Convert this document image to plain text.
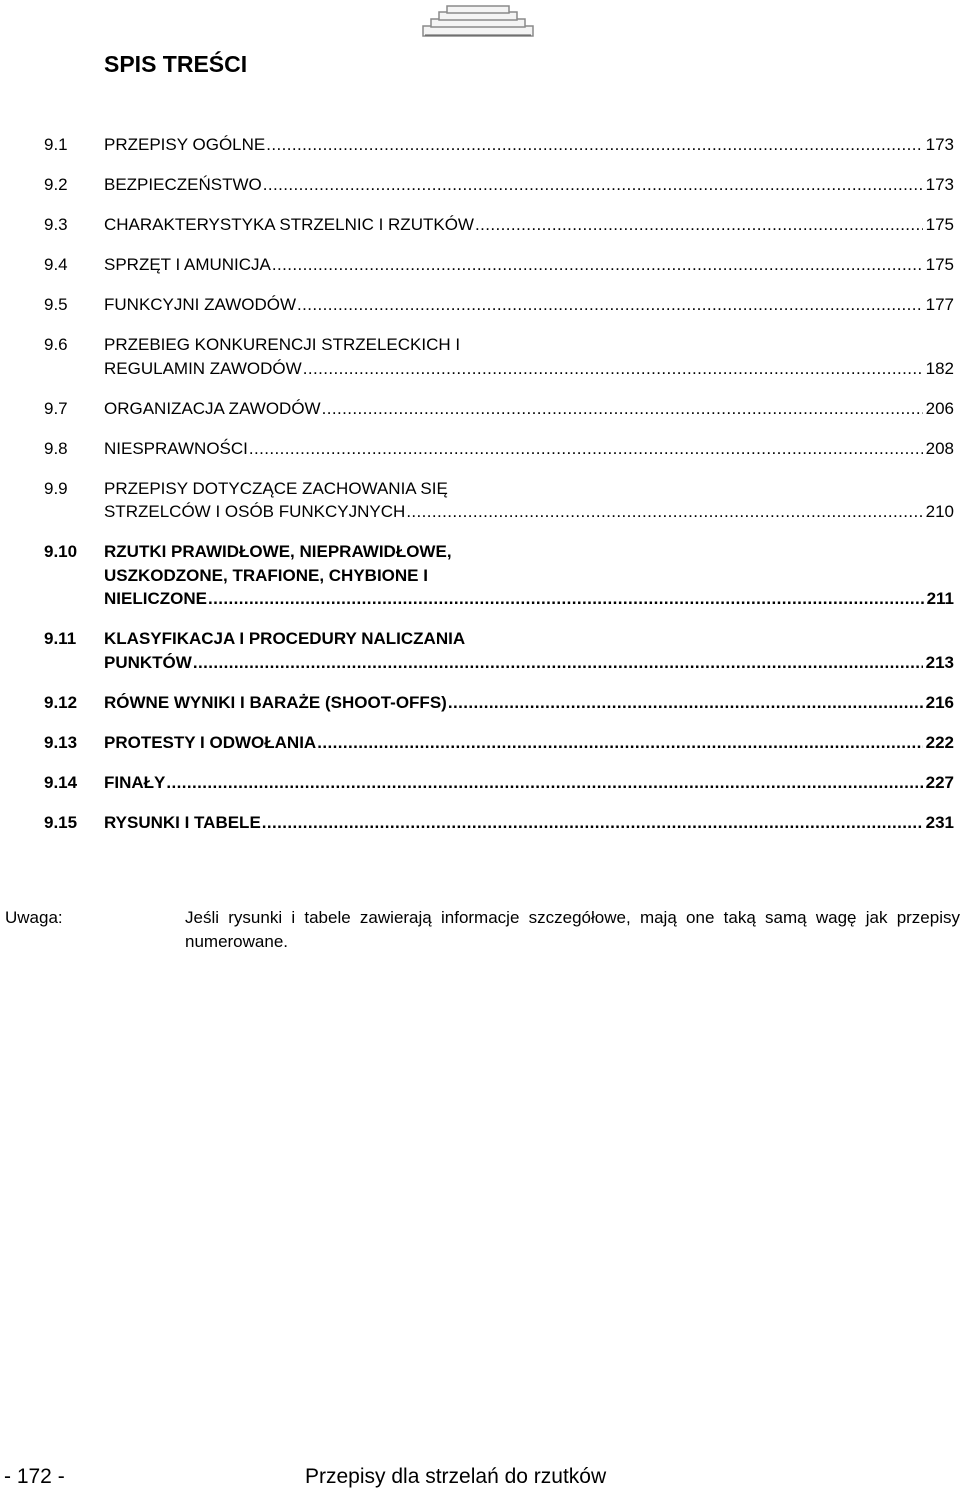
SPIS TREŚCI
9.1 PRZEPISY OGÓLNE .....	173
9.2 BEZPIECZEŃSTWO .....	173
9.3 CHARAKTERYSTYKA STRZELNIC I RZUTKÓW .....	175
9.4 SPRZĘT I AMUNICJA .....	175
9.5 FUNKCYJNI ZAWODÓW .....	177
9.6 PRZEBIEG KONKURENCJI STRZELECKICH I
REGULAMIN ZAWODÓW .....	182
9.7 ORGANIZACJA ZAWODÓW .....	206
9.8 NIESPRAWNOŚCI .....	208
9.9 PRZEPISY DOTYCZĄCE ZACHOWANIA SIĘ
STRZELCÓW I OSÓB FUNKCYJNYCH .....	210
9.10 RZUTKI PRAWIDŁOWE, NIEPRAWIDŁOWE,
USZKODZONE, TRAFIONE, CHYBIONE I
NIELICZONE .....	211
9.11 KLASYFIKACJA I PROCEDURY NALICZANIA
PUNKTÓW .....	213
9.12 RÓWNE WYNIKI I BARAŻE (SHOOT-OFFS) .....	216
9.13 PROTESTY I ODWOŁANIA .....	222
9.14 FINAŁY .....	227
9.15 RYSUNKI I TABELE .....	231
Uwaga:	Jeśli rysunki i tabele zawierają informacje szczegółowe, mają one taką samą wagę jak przepisy numerowane.
- 172 -	Przepisy dla strzelań do rzutków
